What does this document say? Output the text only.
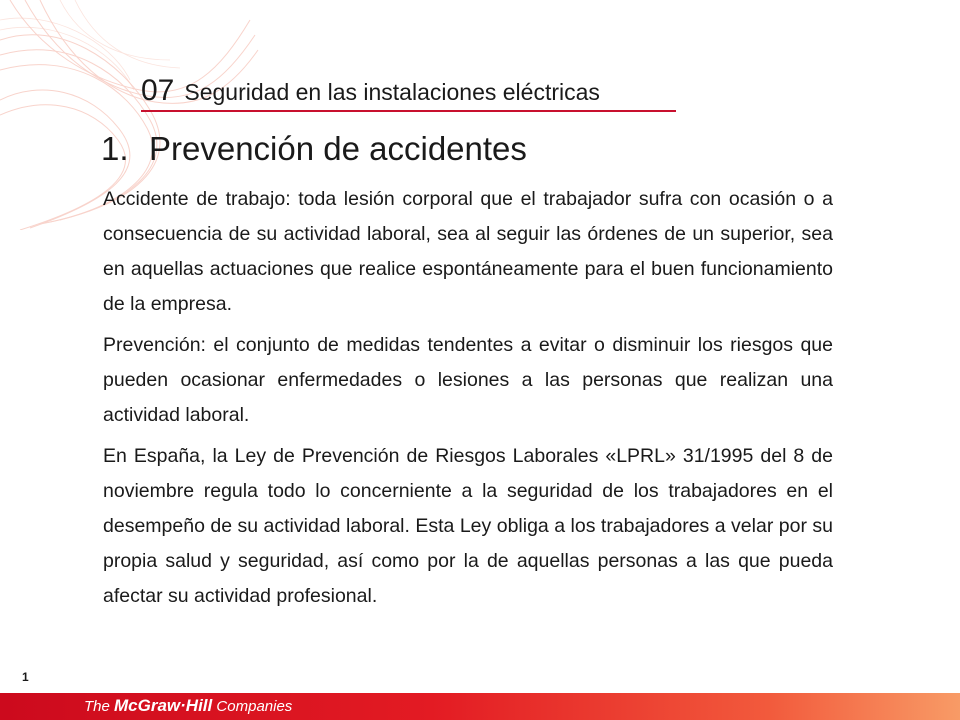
07 Seguridad en las instalaciones eléctricas
1. Prevención de accidentes

Accidente de trabajo: toda lesión corporal que el trabajador sufra con ocasión o a consecuencia de su actividad laboral, sea al seguir las órdenes de un superior, sea en aquellas actuaciones que realice espontáneamente para el buen funcionamiento de la empresa.

Prevención: el conjunto de medidas tendentes a evitar o disminuir los riesgos que pueden ocasionar enfermedades o lesiones a las personas que realizan una actividad laboral.

En España, la Ley de Prevención de Riesgos Laborales «LPRL» 31/1995 del 8 de noviembre regula todo lo concerniente a la seguridad de los trabajadores en el desempeño de su actividad laboral. Esta Ley obliga a los trabajadores a velar por su propia salud y seguridad, así como por la de aquellas personas a las que pueda afectar su actividad profesional.

1
The McGraw·Hill Companies
